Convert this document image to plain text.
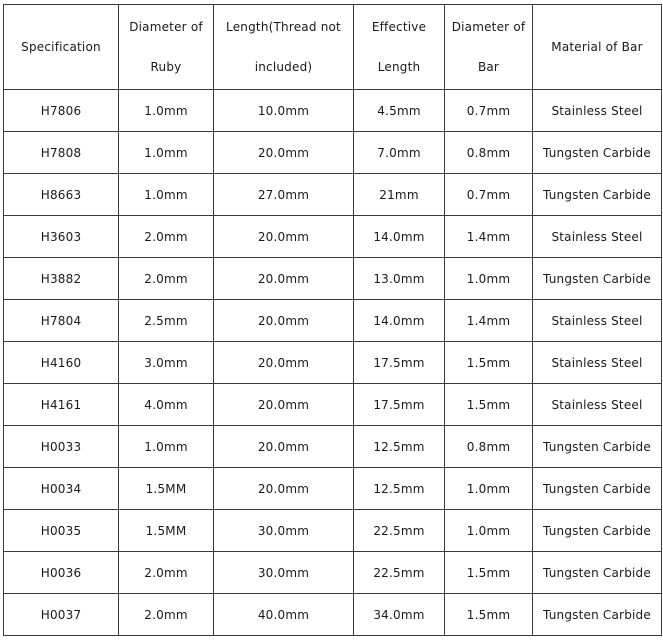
Specification	Diameter of Ruby	Length(Thread not included)	Effective Length	Diameter of Bar	Material of Bar
H7806	1.0mm	10.0mm	4.5mm	0.7mm	Stainless Steel
H7808	1.0mm	20.0mm	7.0mm	0.8mm	Tungsten Carbide
H8663	1.0mm	27.0mm	21mm	0.7mm	Tungsten Carbide
H3603	2.0mm	20.0mm	14.0mm	1.4mm	Stainless Steel
H3882	2.0mm	20.0mm	13.0mm	1.0mm	Tungsten Carbide
H7804	2.5mm	20.0mm	14.0mm	1.4mm	Stainless Steel
H4160	3.0mm	20.0mm	17.5mm	1.5mm	Stainless Steel
H4161	4.0mm	20.0mm	17.5mm	1.5mm	Stainless Steel
H0033	1.0mm	20.0mm	12.5mm	0.8mm	Tungsten Carbide
H0034	1.5MM	20.0mm	12.5mm	1.0mm	Tungsten Carbide
H0035	1.5MM	30.0mm	22.5mm	1.0mm	Tungsten Carbide
H0036	2.0mm	30.0mm	22.5mm	1.5mm	Tungsten Carbide
H0037	2.0mm	40.0mm	34.0mm	1.5mm	Tungsten Carbide
